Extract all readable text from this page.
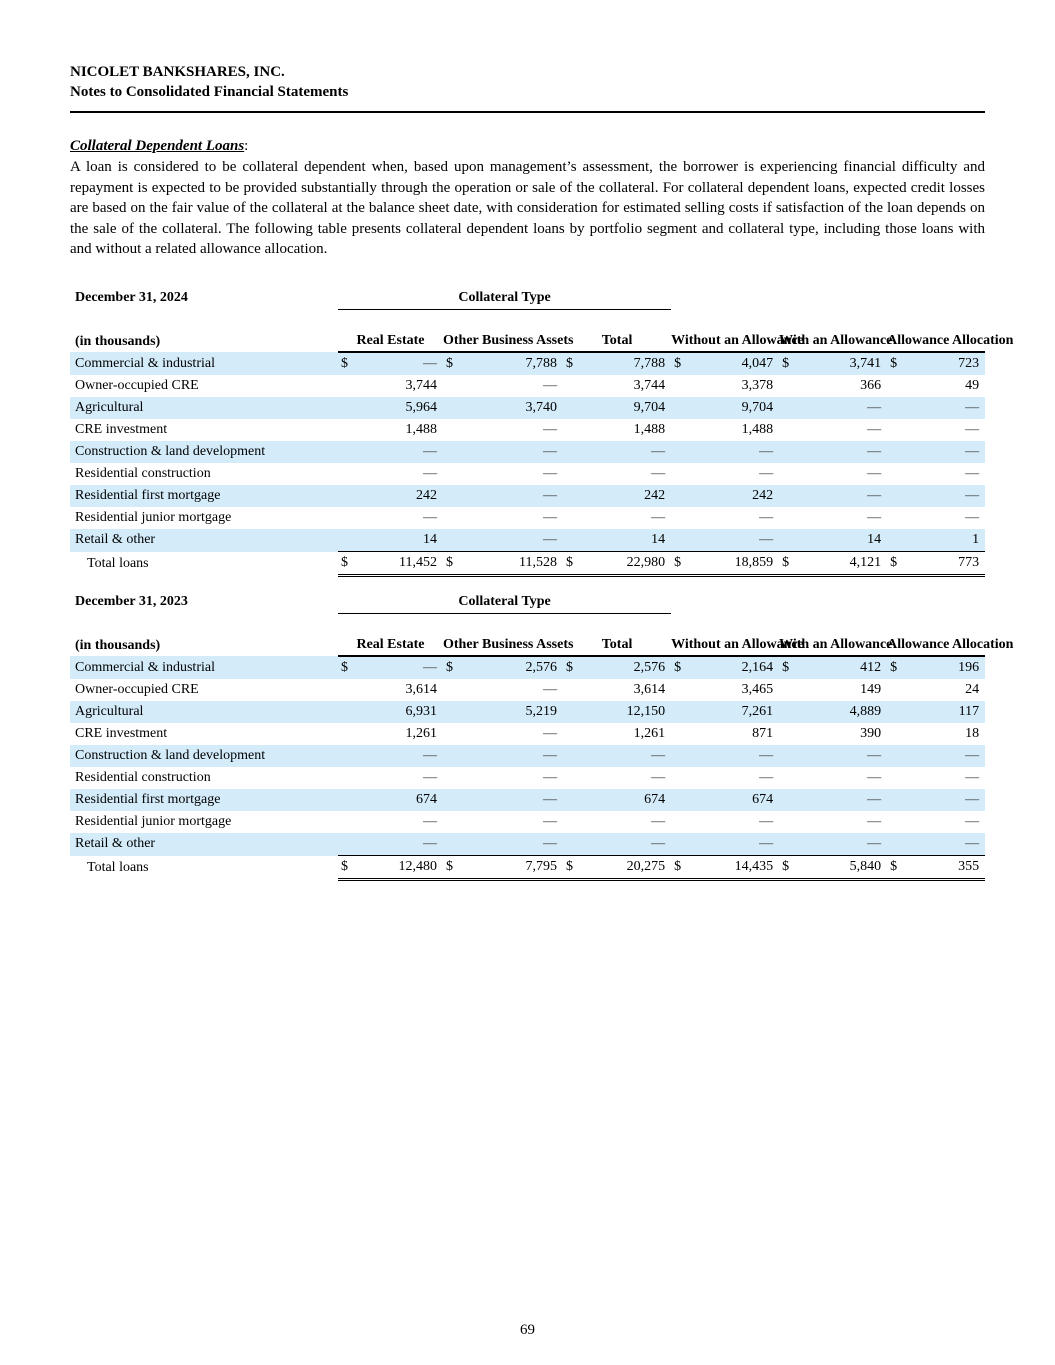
NICOLET BANKSHARES, INC.
Notes to Consolidated Financial Statements
Collateral Dependent Loans:
A loan is considered to be collateral dependent when, based upon management’s assessment, the borrower is experiencing financial difficulty and repayment is expected to be provided substantially through the operation or sale of the collateral. For collateral dependent loans, expected credit losses are based on the fair value of the collateral at the balance sheet date, with consideration for estimated selling costs if satisfaction of the loan depends on the sale of the collateral. The following table presents collateral dependent loans by portfolio segment and collateral type, including those loans with and without a related allowance allocation.
December 31, 2024	Collateral Type											
(in thousands)	Real Estate		Other Business Assets		Total		Without an Allowance		With an Allowance		Allowance Allocation	
Commercial & industrial	$	—	$	7,788	$	7,788	$	4,047	$	3,741	$	723
Owner-occupied CRE		3,744		—		3,744		3,378		366		49
Agricultural		5,964		3,740		9,704		9,704		—		—
CRE investment		1,488		—		1,488		1,488		—		—
Construction & land development		—		—		—		—		—		—
Residential construction		—		—		—		—		—		—
Residential first mortgage		242		—		242		242		—		—
Residential junior mortgage		—		—		—		—		—		—
Retail & other		14		—		14		—		14		1
Total loans	$	11,452	$	11,528	$	22,980	$	18,859	$	4,121	$	773
December 31, 2023	Collateral Type											
(in thousands)	Real Estate		Other Business Assets		Total		Without an Allowance		With an Allowance		Allowance Allocation	
Commercial & industrial	$	—	$	2,576	$	2,576	$	2,164	$	412	$	196
Owner-occupied CRE		3,614		—		3,614		3,465		149		24
Agricultural		6,931		5,219		12,150		7,261		4,889		117
CRE investment		1,261		—		1,261		871		390		18
Construction & land development		—		—		—		—		—		—
Residential construction		—		—		—		—		—		—
Residential first mortgage		674		—		674		674		—		—
Residential junior mortgage		—		—		—		—		—		—
Retail & other		—		—		—		—		—		—
Total loans	$	12,480	$	7,795	$	20,275	$	14,435	$	5,840	$	355
69
